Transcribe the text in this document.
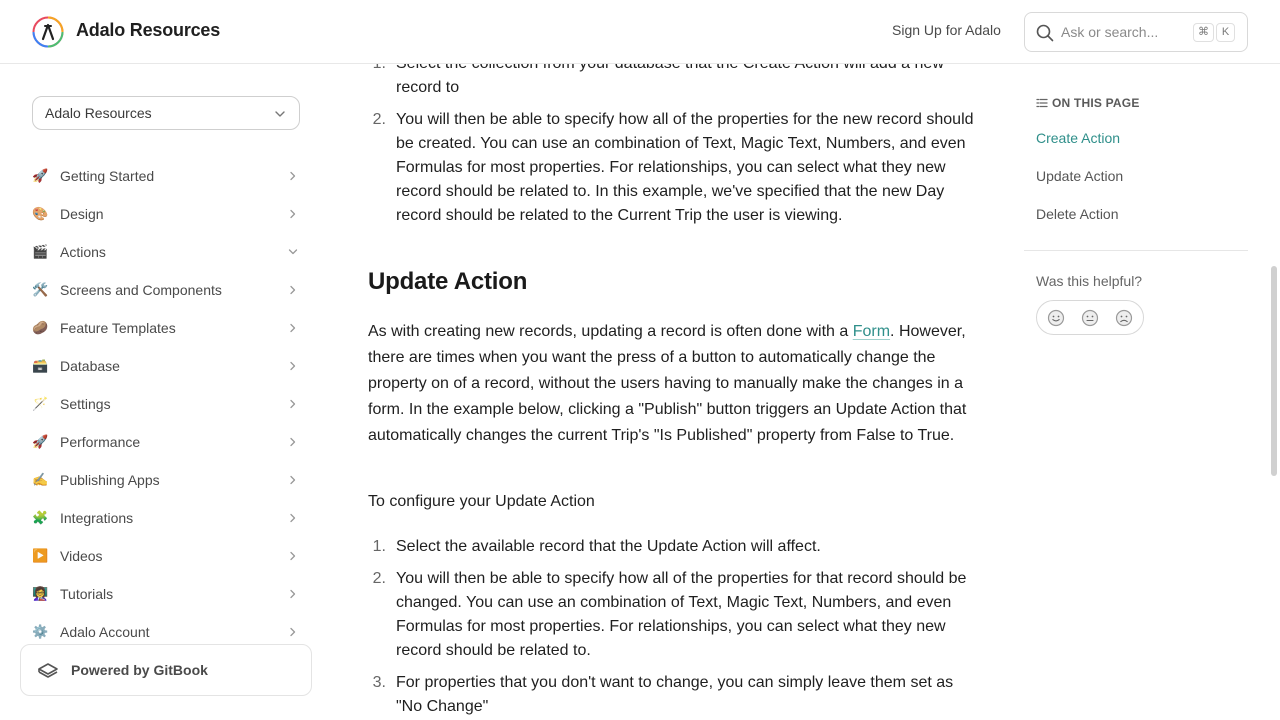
Adalo Resources	Sign Up for Adalo	Ask or search...	⌘	K
Adalo Resources
🚀 Getting Started
🎨 Design
🎬 Actions
🛠️ Screens and Components
🥔 Feature Templates
🗃️ Database
🪄 Settings
🚀 Performance
✍️ Publishing Apps
🧩 Integrations
▶️ Videos
👩‍🏫 Tutorials
⚙️ Adalo Account
Powered by GitBook
record to
2. You will then be able to specify how all of the properties for the new record should be created. You can use an combination of Text, Magic Text, Numbers, and even Formulas for most properties. For relationships, you can select what they new record should be related to. In this example, we've specified that the new Day record should be related to the Current Trip the user is viewing.
Update Action

As with creating new records, updating a record is often done with a Form. However, there are times when you want the press of a button to automatically change the property on of a record, without the users having to manually make the changes in a form. In the example below, clicking a "Publish" button triggers an Update Action that automatically changes the current Trip's "Is Published" property from False to True.

To configure your Update Action

1. Select the available record that the Update Action will affect.
2. You will then be able to specify how all of the properties for that record should be changed. You can use an combination of Text, Magic Text, Numbers, and even Formulas for most properties. For relationships, you can select what they new record should be related to.
3. For properties that you don't want to change, you can simply leave them set as "No Change"
ON THIS PAGE
Create Action
Update Action
Delete Action
Was this helpful?
